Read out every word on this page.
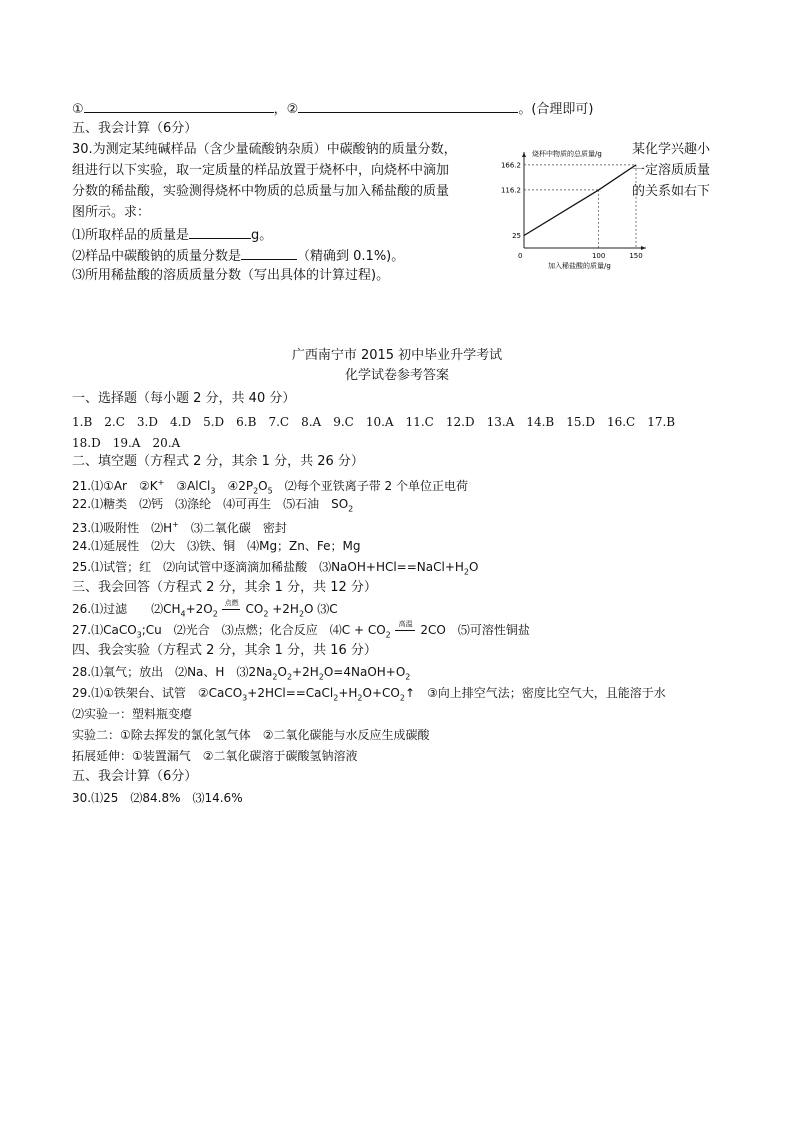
①	，②	。(合理即可)
五、我会计算（6分）
30.为测定某纯碱样品（含少量硫酸钠杂质）中碳酸钠的质量分数，	某化学兴趣小
组进行以下实验，取一定质量的样品放置于烧杯中，向烧杯中滴加	一定溶质质量
分数的稀盐酸，实验测得烧杯中物质的总质量与加入稀盐酸的质量	的关系如右下
图所示。求：
⑴所取样品的质量是	g。
⑵样品中碳酸钠的质量分数是	（精确到 0.1%)。
⑶所用稀盐酸的溶质质量分数（写出具体的计算过程)。
烧杯中物质的总质量/g
加入稀盐酸的质量/g
0
25
116.2
166.2
100	150
广西南宁市 2015 初中毕业升学考试
化学试卷参考答案
一、选择题（每小题 2 分，共 40 分）
1.B 2.C 3.D 4.D 5.D 6.B 7.C 8.A 9.C 10.A 11.C 12.D 13.A 14.B 15.D 16.C 17.B
18.D 19.A 20.A
二、填空题（方程式 2 分，其余 1 分，共 26 分）
21.⑴①Ar　②K+　③AlCl$_3$　$④2P_2O_5$　⑵每个亚铁离子带 2 个单位正电荷
22.⑴糖类　⑵钙　⑶涤纶　⑷可再生　⑸石油　$SO_2$
23.⑴吸附性　⑵H+　⑶二氧化碳　密封
24.⑴延展性　⑵大　⑶铁、铜　⑷Mg；Zn、Fe；Mg
25.⑴试管；红　⑵向试管中逐滴滴加稀盐酸　$⑶NaOH+HCl==NaCl+H_2O$
三、我会回答（方程式 2 分，其余 1 分，共 12 分）
26.⑴过滤　　$⑵CH_4+2O_2$
点燃 $CO_2 +2H_2O$ ⑶C
27.⑴CaCO$_3$;Cu　⑵光合　⑶点燃；化合反应　⑷C + $CO_2$
高温 2CO　⑸可溶性铜盐
四、我会实验（方程式 2 分，其余 1 分，共 16 分）
28.⑴氧气；放出　⑵Na、H　$⑶2Na_2O_2+2H_2O=4NaOH+O_2$
29.⑴①铁架台、试管　$②CaCO_3+2HCl==CaCl_2+H_2O+CO_2↑$　③向上排空气法；密度比空气大，且能溶于水
⑵实验一：塑料瓶变瘪
实验二：①除去挥发的氯化氢气体　②二氧化碳能与水反应生成碳酸
拓展延伸：①装置漏气　②二氧化碳溶于碳酸氢钠溶液
五、我会计算（6分）
30.⑴25　⑵84.8%　⑶14.6%
